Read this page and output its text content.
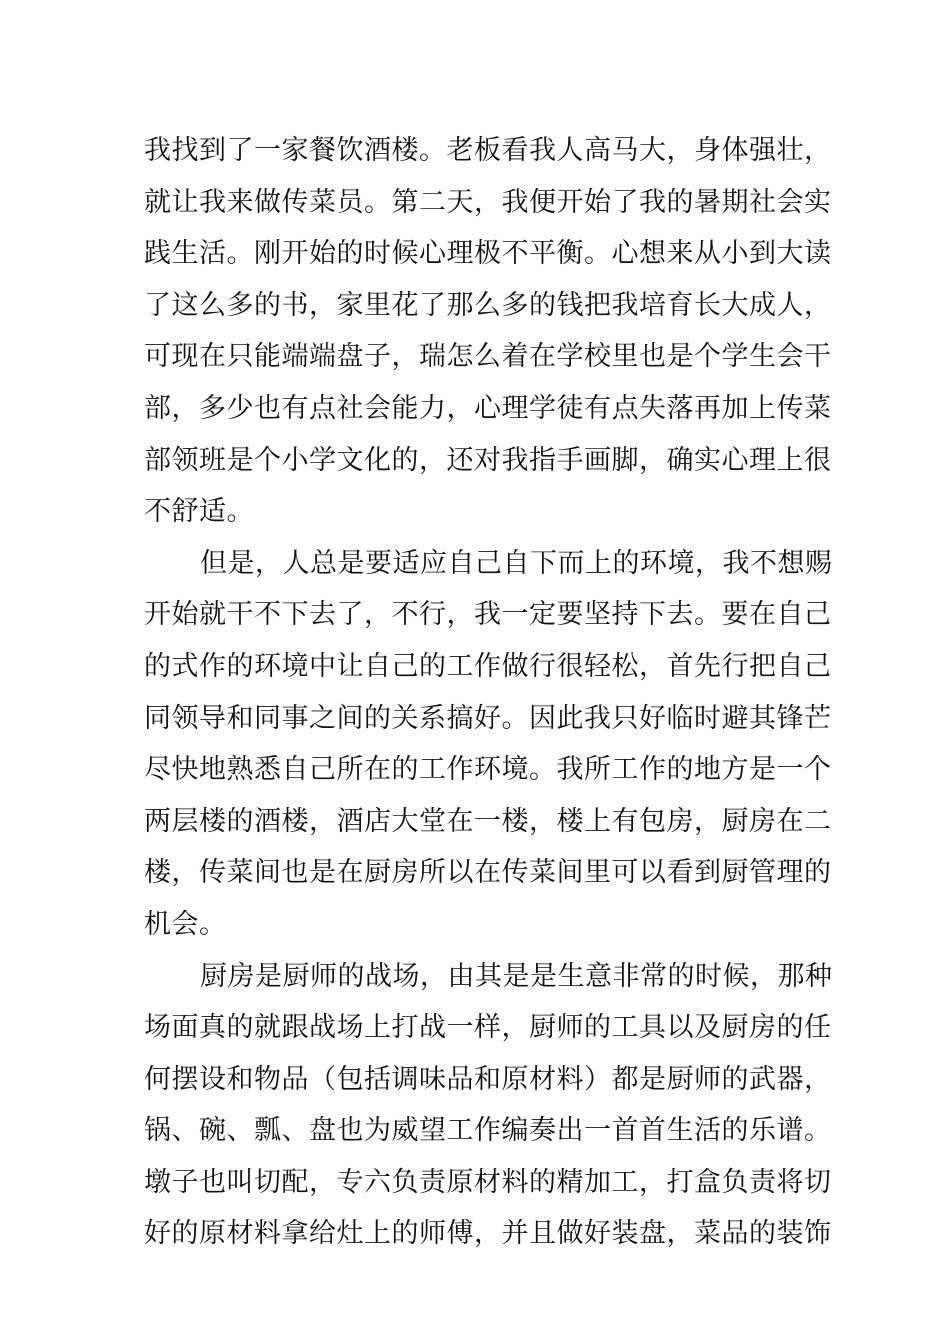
我找到了一家餐饮酒楼。老板看我人高马大，身体强壮，
就让我来做传菜员。第二天，我便开始了我的暑期社会实
践生活。刚开始的时候心理极不平衡。心想来从小到大读
了这么多的书，家里花了那么多的钱把我培育长大成人，
可现在只能端端盘子，瑞怎么着在学校里也是个学生会干
部，多少也有点社会能力，心理学徒有点失落再加上传菜
部领班是个小学文化的，还对我指手画脚，确实心理上很
不舒适。
但是，人总是要适应自己自下而上的环境，我不想赐
开始就干不下去了，不行，我一定要坚持下去。要在自己
的式作的环境中让自己的工作做行很轻松，首先行把自己
同领导和同事之间的关系搞好。因此我只好临时避其锋芒
尽快地熟悉自己所在的工作环境。我所工作的地方是一个
两层楼的酒楼，酒店大堂在一楼，楼上有包房，厨房在二
楼，传菜间也是在厨房所以在传菜间里可以看到厨管理的
机会。
厨房是厨师的战场，由其是是生意非常的时候，那种
场面真的就跟战场上打战一样，厨师的工具以及厨房的任
何摆设和物品（包括调味品和原材料）都是厨师的武器，
锅、碗、瓢、盘也为威望工作编奏出一首首生活的乐谱。
墩子也叫切配，专六负责原材料的精加工，打盒负责将切
好的原材料拿给灶上的师傅，并且做好装盘，菜品的装饰
